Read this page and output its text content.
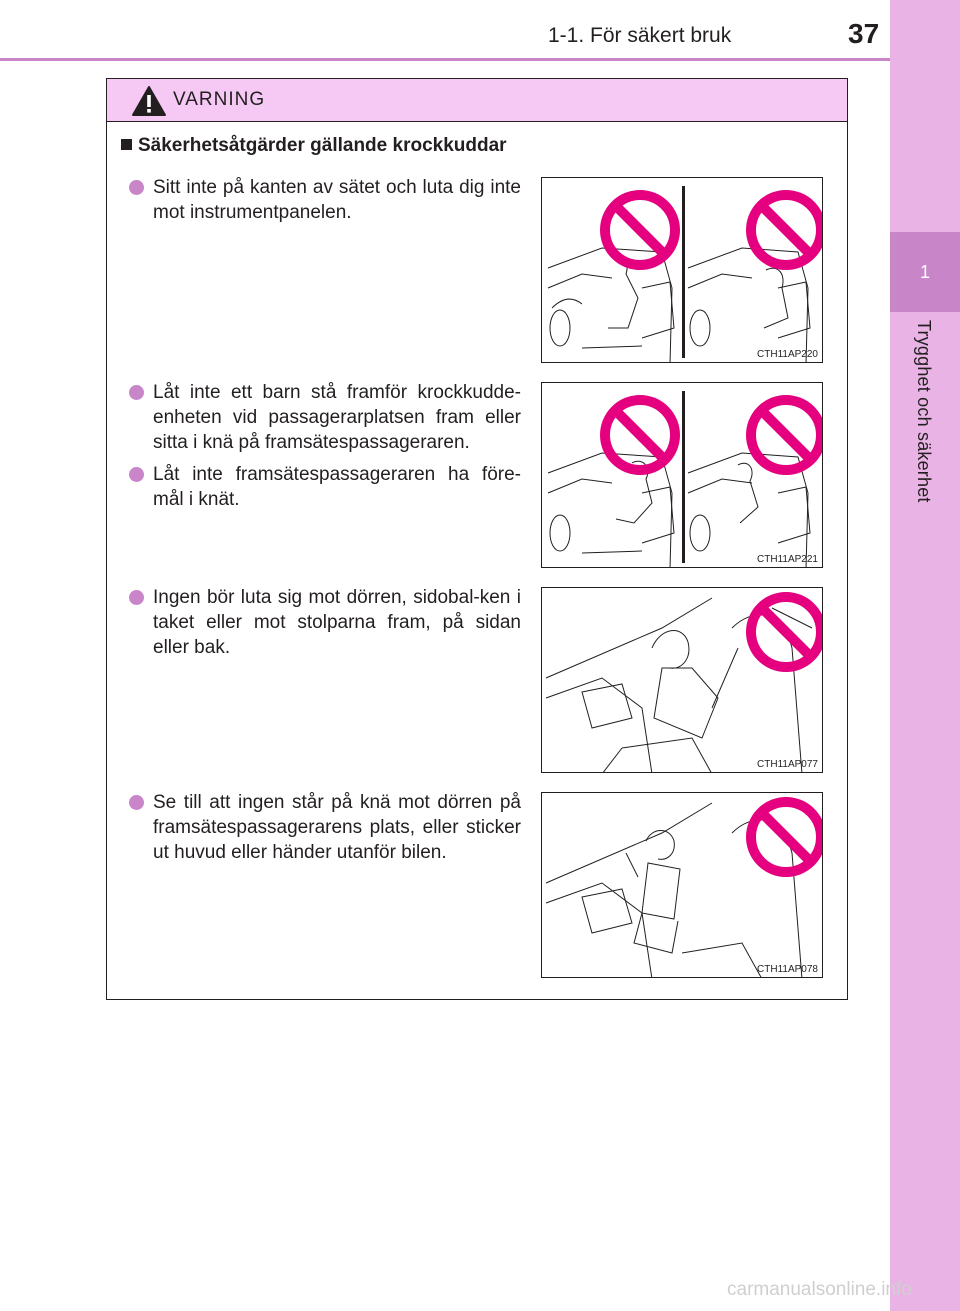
1-1. För säkert bruk	37
1
Trygghet och säkerhet
VARNING
Säkerhetsåtgärder gällande krockkuddar
Sitt inte på kanten av sätet och luta dig inte mot instrumentpanelen.
Låt inte ett barn stå framför krockkudde-enheten vid passagerarplatsen fram eller sitta i knä på framsätespassageraren.
Låt inte framsätespassageraren ha före-mål i knät.
Ingen bör luta sig mot dörren, sidobal-ken i taket eller mot stolparna fram, på sidan eller bak.
Se till att ingen står på knä mot dörren på framsätespassagerarens plats, eller sticker ut huvud eller händer utanför bilen.
CTH11AP220
CTH11AP221
CTH11AP077
CTH11AP078
carmanualsonline.info
